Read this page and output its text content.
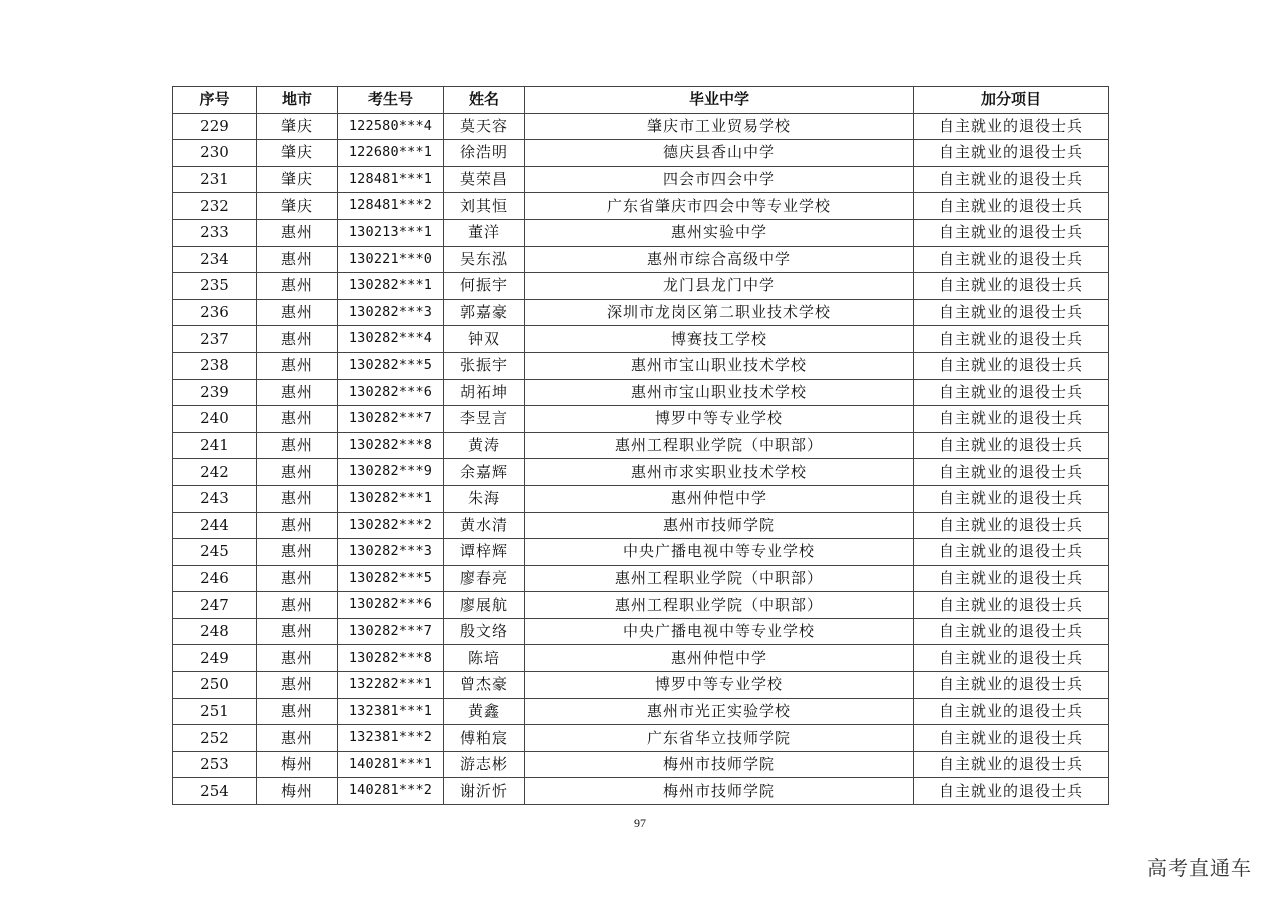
序号	地市	考生号	姓名	毕业中学	加分项目
229	肇庆	122580***4	莫天容	肇庆市工业贸易学校	自主就业的退役士兵
230	肇庆	122680***1	徐浩明	德庆县香山中学	自主就业的退役士兵
231	肇庆	128481***1	莫荣昌	四会市四会中学	自主就业的退役士兵
232	肇庆	128481***2	刘其恒	广东省肇庆市四会中等专业学校	自主就业的退役士兵
233	惠州	130213***1	董洋	惠州实验中学	自主就业的退役士兵
234	惠州	130221***0	吴东泓	惠州市综合高级中学	自主就业的退役士兵
235	惠州	130282***1	何振宇	龙门县龙门中学	自主就业的退役士兵
236	惠州	130282***3	郭嘉豪	深圳市龙岗区第二职业技术学校	自主就业的退役士兵
237	惠州	130282***4	钟双	博赛技工学校	自主就业的退役士兵
238	惠州	130282***5	张振宇	惠州市宝山职业技术学校	自主就业的退役士兵
239	惠州	130282***6	胡祏坤	惠州市宝山职业技术学校	自主就业的退役士兵
240	惠州	130282***7	李昱言	博罗中等专业学校	自主就业的退役士兵
241	惠州	130282***8	黄涛	惠州工程职业学院（中职部）	自主就业的退役士兵
242	惠州	130282***9	余嘉辉	惠州市求实职业技术学校	自主就业的退役士兵
243	惠州	130282***1	朱海	惠州仲恺中学	自主就业的退役士兵
244	惠州	130282***2	黄水清	惠州市技师学院	自主就业的退役士兵
245	惠州	130282***3	谭梓辉	中央广播电视中等专业学校	自主就业的退役士兵
246	惠州	130282***5	廖春亮	惠州工程职业学院（中职部）	自主就业的退役士兵
247	惠州	130282***6	廖展航	惠州工程职业学院（中职部）	自主就业的退役士兵
248	惠州	130282***7	殷文络	中央广播电视中等专业学校	自主就业的退役士兵
249	惠州	130282***8	陈培	惠州仲恺中学	自主就业的退役士兵
250	惠州	132282***1	曾杰豪	博罗中等专业学校	自主就业的退役士兵
251	惠州	132381***1	黄鑫	惠州市光正实验学校	自主就业的退役士兵
252	惠州	132381***2	傅粕宸	广东省华立技师学院	自主就业的退役士兵
253	梅州	140281***1	游志彬	梅州市技师学院	自主就业的退役士兵
254	梅州	140281***2	谢沂忻	梅州市技师学院	自主就业的退役士兵
97
高考直通车
